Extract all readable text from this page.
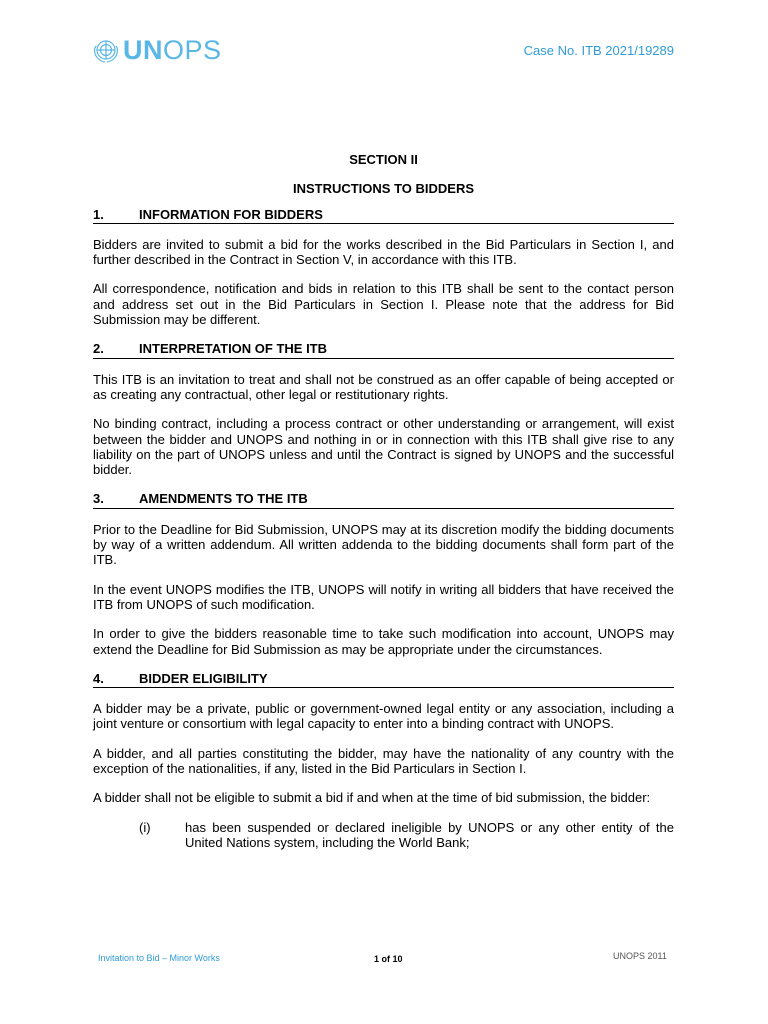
UNOPS	Case No. ITB 2021/19289
SECTION II
INSTRUCTIONS TO BIDDERS
1.	INFORMATION FOR BIDDERS

Bidders are invited to submit a bid for the works described in the Bid Particulars in Section I, and further described in the Contract in Section V, in accordance with this ITB.

All correspondence, notification and bids in relation to this ITB shall be sent to the contact person and address set out in the Bid Particulars in Section I. Please note that the address for Bid Submission may be different.

2.	INTERPRETATION OF THE ITB

This ITB is an invitation to treat and shall not be construed as an offer capable of being accepted or as creating any contractual, other legal or restitutionary rights.

No binding contract, including a process contract or other understanding or arrangement, will exist between the bidder and UNOPS and nothing in or in connection with this ITB shall give rise to any liability on the part of UNOPS unless and until the Contract is signed by UNOPS and the successful bidder.

3.	AMENDMENTS TO THE ITB

Prior to the Deadline for Bid Submission, UNOPS may at its discretion modify the bidding documents by way of a written addendum. All written addenda to the bidding documents shall form part of the ITB.

In the event UNOPS modifies the ITB, UNOPS will notify in writing all bidders that have received the ITB from UNOPS of such modification.

In order to give the bidders reasonable time to take such modification into account, UNOPS may extend the Deadline for Bid Submission as may be appropriate under the circumstances.

4.	BIDDER ELIGIBILITY

A bidder may be a private, public or government-owned legal entity or any association, including a joint venture or consortium with legal capacity to enter into a binding contract with UNOPS.

A bidder, and all parties constituting the bidder, may have the nationality of any country with the exception of the nationalities, if any, listed in the Bid Particulars in Section I.

A bidder shall not be eligible to submit a bid if and when at the time of bid submission, the bidder:

(i)	has been suspended or declared ineligible by UNOPS or any other entity of the United Nations system, including the World Bank;
Invitation to Bid – Minor Works	1 of 10	UNOPS 2011
